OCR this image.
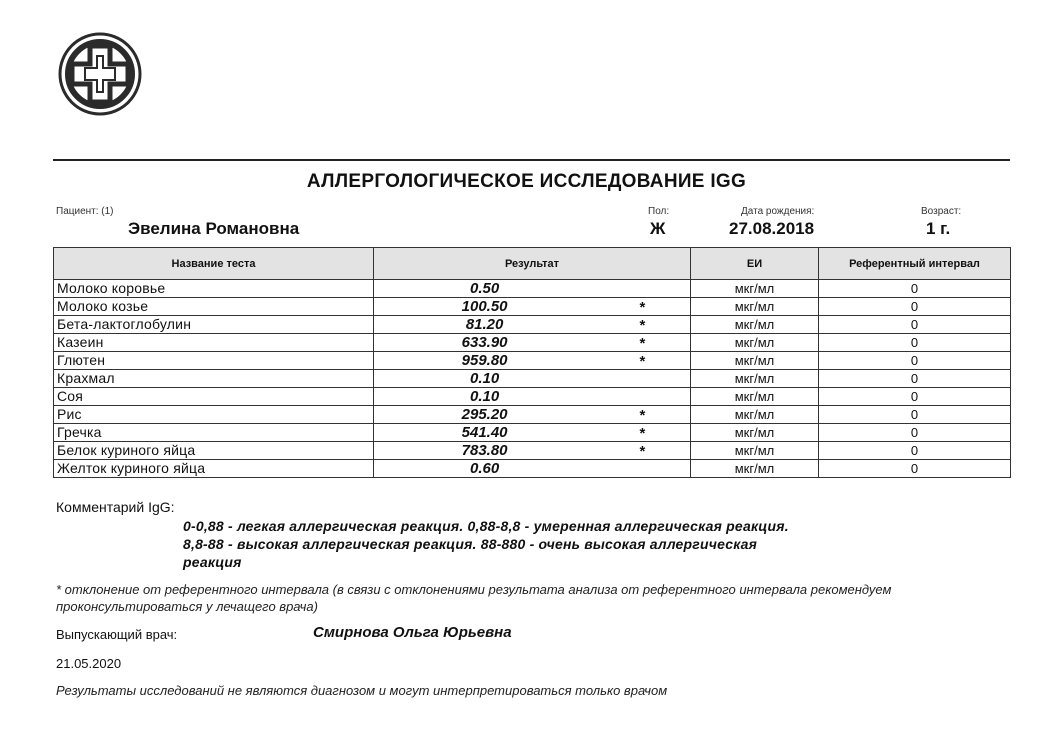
АЛЛЕРГОЛОГИЧЕСКОЕ ИССЛЕДОВАНИЕ IGG
Пациент: (1)
Эвелина Романовна
Пол:
Ж
Дата рождения:
27.08.2018
Возраст:
1 г.
Название теста	Результат	ЕИ	Референтный интервал
Молоко коровье	0.50	мкг/мл	0
Молоко козье	100.50 *	мкг/мл	0
Бета-лактоглобулин	81.20 *	мкг/мл	0
Казеин	633.90 *	мкг/мл	0
Глютен	959.80 *	мкг/мл	0
Крахмал	0.10	мкг/мл	0
Соя	0.10	мкг/мл	0
Рис	295.20 *	мкг/мл	0
Гречка	541.40 *	мкг/мл	0
Белок куриного яйца	783.80 *	мкг/мл	0
Желток куриного яйца	0.60	мкг/мл	0
Комментарий IgG:
0-0,88 - легкая аллергическая реакция. 0,88-8,8 - умеренная аллергическая реакция.
8,8-88 - высокая аллергическая реакция. 88-880 - очень высокая аллергическая
реакция
* отклонение от референтного интервала (в связи с отклонениями результата анализа от референтного интервала рекомендуем
проконсультироваться у лечащего врача)
Выпускающий врач:	Смирнова Ольга Юрьевна
21.05.2020
Результаты исследований не являются диагнозом и могут интерпретироваться только врачом
